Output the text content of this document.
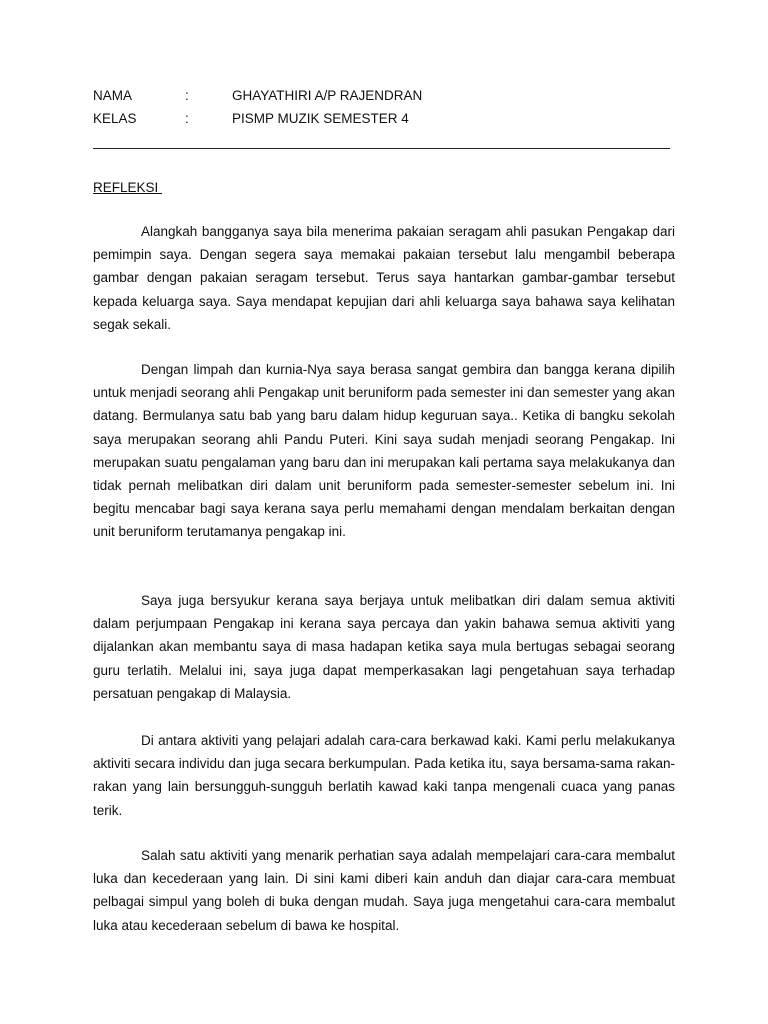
NAMA	:	GHAYATHIRI A/P RAJENDRAN
KELAS	:	PISMP MUZIK SEMESTER 4
REFLEKSI

Alangkah bangganya saya bila menerima pakaian seragam ahli pasukan Pengakap dari pemimpin saya. Dengan segera saya memakai pakaian tersebut lalu mengambil beberapa gambar dengan pakaian seragam tersebut. Terus saya hantarkan gambar-gambar tersebut kepada keluarga saya. Saya mendapat kepujian dari ahli keluarga saya bahawa saya kelihatan segak sekali.

Dengan limpah dan kurnia-Nya saya berasa sangat gembira dan bangga kerana dipilih untuk menjadi seorang ahli Pengakap unit beruniform pada semester ini dan semester yang akan datang. Bermulanya satu bab yang baru dalam hidup keguruan saya.. Ketika di bangku sekolah saya merupakan seorang ahli Pandu Puteri. Kini saya sudah menjadi seorang Pengakap. Ini merupakan suatu pengalaman yang baru dan ini merupakan kali pertama saya melakukanya dan tidak pernah melibatkan diri dalam unit beruniform pada semester-semester sebelum ini. Ini begitu mencabar bagi saya kerana saya perlu memahami dengan mendalam berkaitan dengan unit beruniform terutamanya pengakap ini.

Saya juga bersyukur kerana saya berjaya untuk melibatkan diri dalam semua aktiviti dalam perjumpaan Pengakap ini kerana saya percaya dan yakin bahawa semua aktiviti yang dijalankan akan membantu saya di masa hadapan ketika saya mula bertugas sebagai seorang guru terlatih. Melalui ini, saya juga dapat memperkasakan lagi pengetahuan saya terhadap persatuan pengakap di Malaysia.

Di antara aktiviti yang pelajari adalah cara-cara berkawad kaki. Kami perlu melakukanya aktiviti secara individu dan juga secara berkumpulan. Pada ketika itu, saya bersama-sama rakan-rakan yang lain bersungguh-sungguh berlatih kawad kaki tanpa mengenali cuaca yang panas terik.

Salah satu aktiviti yang menarik perhatian saya adalah mempelajari cara-cara membalut luka dan kecederaan yang lain. Di sini kami diberi kain anduh dan diajar cara-cara membuat pelbagai simpul yang boleh di buka dengan mudah. Saya juga mengetahui cara-cara membalut luka atau kecederaan sebelum di bawa ke hospital.
